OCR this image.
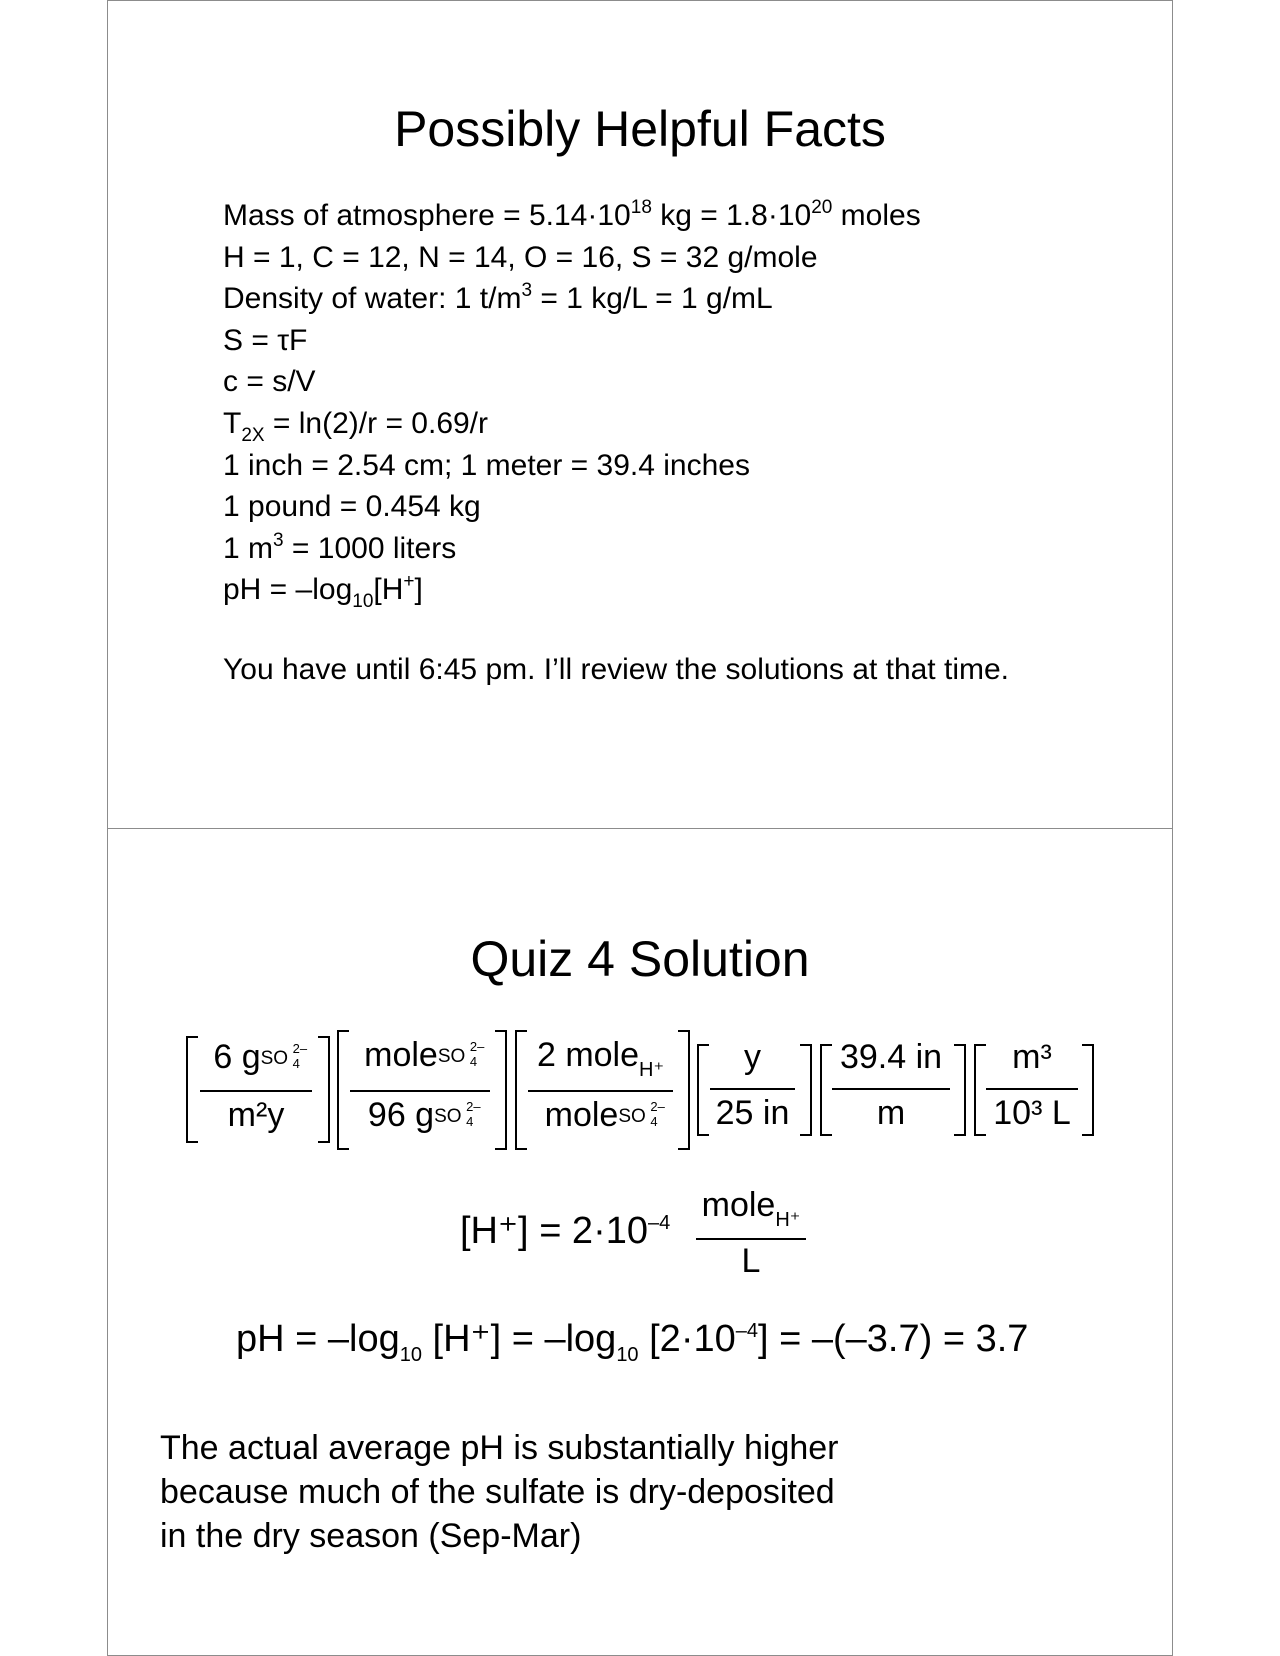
Possibly Helpful Facts
Mass of atmosphere = $5.14\cdot 10^{18}$ kg = $1.8\cdot 10^{20}$ moles
H = 1, C = 12, N = 14, O = 16, S = 32 g/mole
Density of water: 1 $t/m^3 = 1$ kg/L = 1 g/mL
S = τF
c = s/V
$T_{2X} = \ln(2)/r = 0.69/r$
1 inch = 2.54 cm; 1 meter = 39.4 inches
1 pound = 0.454 kg
1 $m^3 = 1000$ liters
pH = $-\log_{10}[H^+]$
You have until 6:45 pm. I’ll review the solutions at that time.
Quiz 4 Solution
6 g SO 2–
4
m²y
mole SO 2–
4
96 g SO 2–
4
2 mole$_{H^+}$
mole SO 2–
4
y
25 in
39.4 in
m
m³
10³ L
$[H^+] = 2\cdot 10^{-4}$ mole$_{H^+}$
L
pH = $-\log_{10}$ $[H^+] = -\log_{10}$ $[2\cdot 10^{-4}] = -(-3.7) = 3.7$
The actual average pH is substantially higher
because much of the sulfate is dry-deposited
in the dry season (Sep-Mar)
